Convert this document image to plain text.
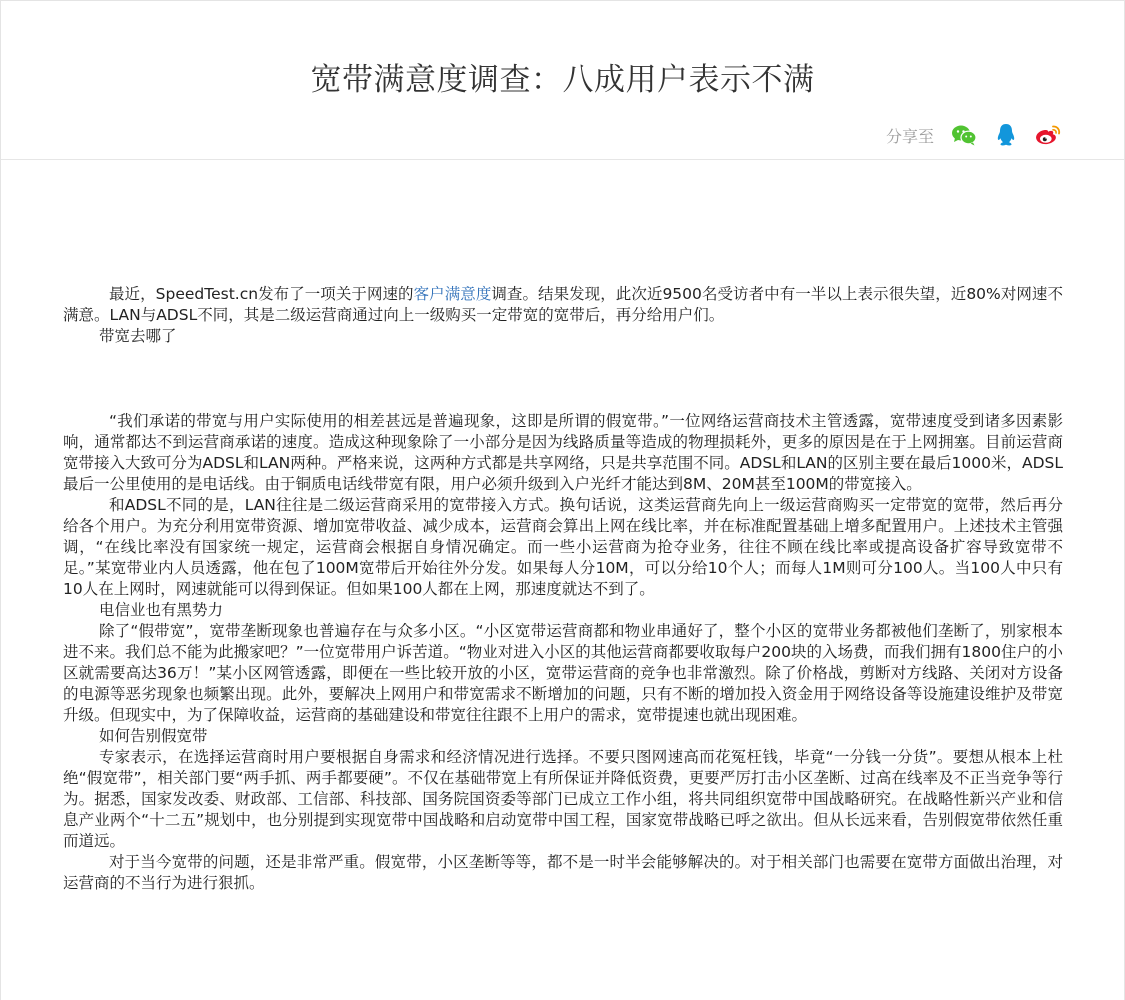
宽带满意度调查：八成用户表示不满
分享至

最近，SpeedTest.cn发布了一项关于网速的客户满意度调查。结果发现，此次近9500名受访者中有一半以上表示很失望，近80%对网速不满意。LAN与ADSL不同，其是二级运营商通过向上一级购买一定带宽的宽带后，再分给用户们。

带宽去哪了

“我们承诺的带宽与用户实际使用的相差甚远是普遍现象，这即是所谓的假宽带。”一位网络运营商技术主管透露，宽带速度受到诸多因素影响，通常都达不到运营商承诺的速度。造成这种现象除了一小部分是因为线路质量等造成的物理损耗外，更多的原因是在于上网拥塞。目前运营商宽带接入大致可分为ADSL和LAN两种。严格来说，这两种方式都是共享网络，只是共享范围不同。ADSL和LAN的区别主要在最后1000米，ADSL最后一公里使用的是电话线。由于铜质电话线带宽有限，用户必须升级到入户光纤才能达到8M、20M甚至100M的带宽接入。

和ADSL不同的是，LAN往往是二级运营商采用的宽带接入方式。换句话说，这类运营商先向上一级运营商购买一定带宽的宽带，然后再分给各个用户。为充分利用宽带资源、增加宽带收益、减少成本，运营商会算出上网在线比率，并在标准配置基础上增多配置用户。上述技术主管强调，“在线比率没有国家统一规定，运营商会根据自身情况确定。而一些小运营商为抢夺业务，往往不顾在线比率或提高设备扩容导致宽带不足。”某宽带业内人员透露，他在包了100M宽带后开始往外分发。如果每人分10M，可以分给10个人；而每人1M则可分100人。当100人中只有10人在上网时，网速就能可以得到保证。但如果100人都在上网，那速度就达不到了。

电信业也有黑势力

除了“假带宽”，宽带垄断现象也普遍存在与众多小区。“小区宽带运营商都和物业串通好了，整个小区的宽带业务都被他们垄断了，别家根本进不来。我们总不能为此搬家吧？”一位宽带用户诉苦道。“物业对进入小区的其他运营商都要收取每户200块的入场费，而我们拥有1800住户的小区就需要高达36万！”某小区网管透露，即便在一些比较开放的小区，宽带运营商的竞争也非常激烈。除了价格战，剪断对方线路、关闭对方设备的电源等恶劣现象也频繁出现。此外，要解决上网用户和带宽需求不断增加的问题，只有不断的增加投入资金用于网络设备等设施建设维护及带宽升级。但现实中，为了保障收益，运营商的基础建设和带宽往往跟不上用户的需求，宽带提速也就出现困难。

如何告别假宽带

专家表示，在选择运营商时用户要根据自身需求和经济情况进行选择。不要只图网速高而花冤枉钱，毕竟“一分钱一分货”。要想从根本上杜绝“假宽带”，相关部门要“两手抓、两手都要硬”。不仅在基础带宽上有所保证并降低资费，更要严厉打击小区垄断、过高在线率及不正当竞争等行为。据悉，国家发改委、财政部、工信部、科技部、国务院国资委等部门已成立工作小组，将共同组织宽带中国战略研究。在战略性新兴产业和信息产业两个“十二五”规划中，也分别提到实现宽带中国战略和启动宽带中国工程，国家宽带战略已呼之欲出。但从长远来看，告别假宽带依然任重而道远。

对于当今宽带的问题，还是非常严重。假宽带，小区垄断等等，都不是一时半会能够解决的。对于相关部门也需要在宽带方面做出治理，对运营商的不当行为进行狠抓。
